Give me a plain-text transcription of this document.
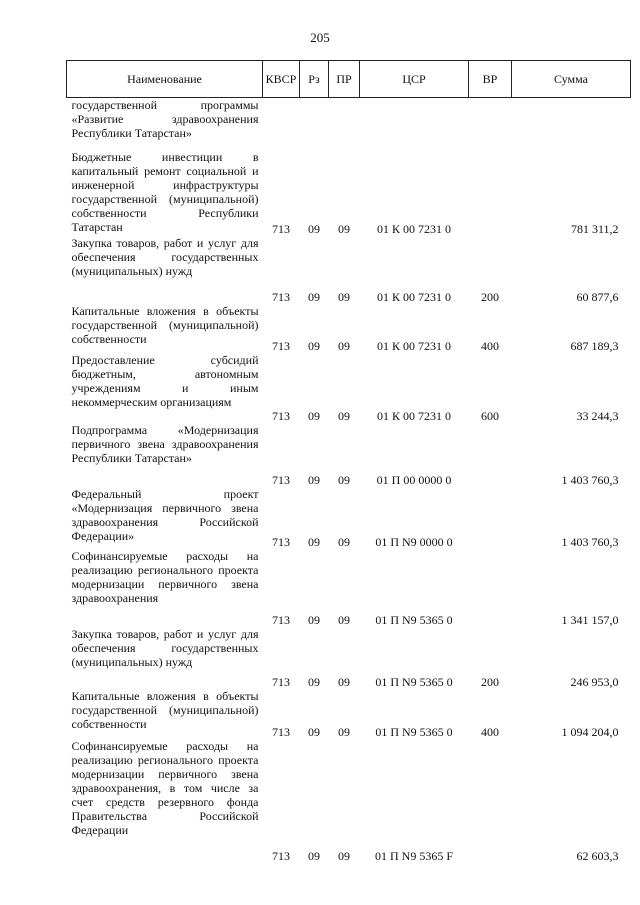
205
Наименование	КВСР	Рз	ПР	ЦСР	ВР	Сумма
государственной программы «Развитие здравоохранения Республики Татарстан»						
Бюджетные инвестиции в капитальный ремонт социальной и инженерной инфраструктуры государственной (муниципальной) собственности Республики Татарстан	713	09	09	01 К 00 7231 0		781 311,2
Закупка товаров, работ и услуг для обеспечения государственных (муниципальных) нужд	713	09	09	01 К 00 7231 0	200	60 877,6
Капитальные вложения в объекты государственной (муниципальной) собственности	713	09	09	01 К 00 7231 0	400	687 189,3
Предоставление субсидий бюджетным, автономным учреждениям и иным некоммерческим организациям	713	09	09	01 К 00 7231 0	600	33 244,3
Подпрограмма «Модернизация первичного звена здравоохранения Республики Татарстан»	713	09	09	01 П 00 0000 0		1 403 760,3
Федеральный проект «Модернизация первичного звена здравоохранения Российской Федерации»	713	09	09	01 П N9 0000 0		1 403 760,3
Софинансируемые расходы на реализацию регионального проекта модернизации первичного звена здравоохранения	713	09	09	01 П N9 5365 0		1 341 157,0
Закупка товаров, работ и услуг для обеспечения государственных (муниципальных) нужд	713	09	09	01 П N9 5365 0	200	246 953,0
Капитальные вложения в объекты государственной (муниципальной) собственности	713	09	09	01 П N9 5365 0	400	1 094 204,0
Софинансируемые расходы на реализацию регионального проекта модернизации первичного звена здравоохранения, в том числе за счет средств резервного фонда Правительства Российской Федерации	713	09	09	01 П N9 5365 F		62 603,3
